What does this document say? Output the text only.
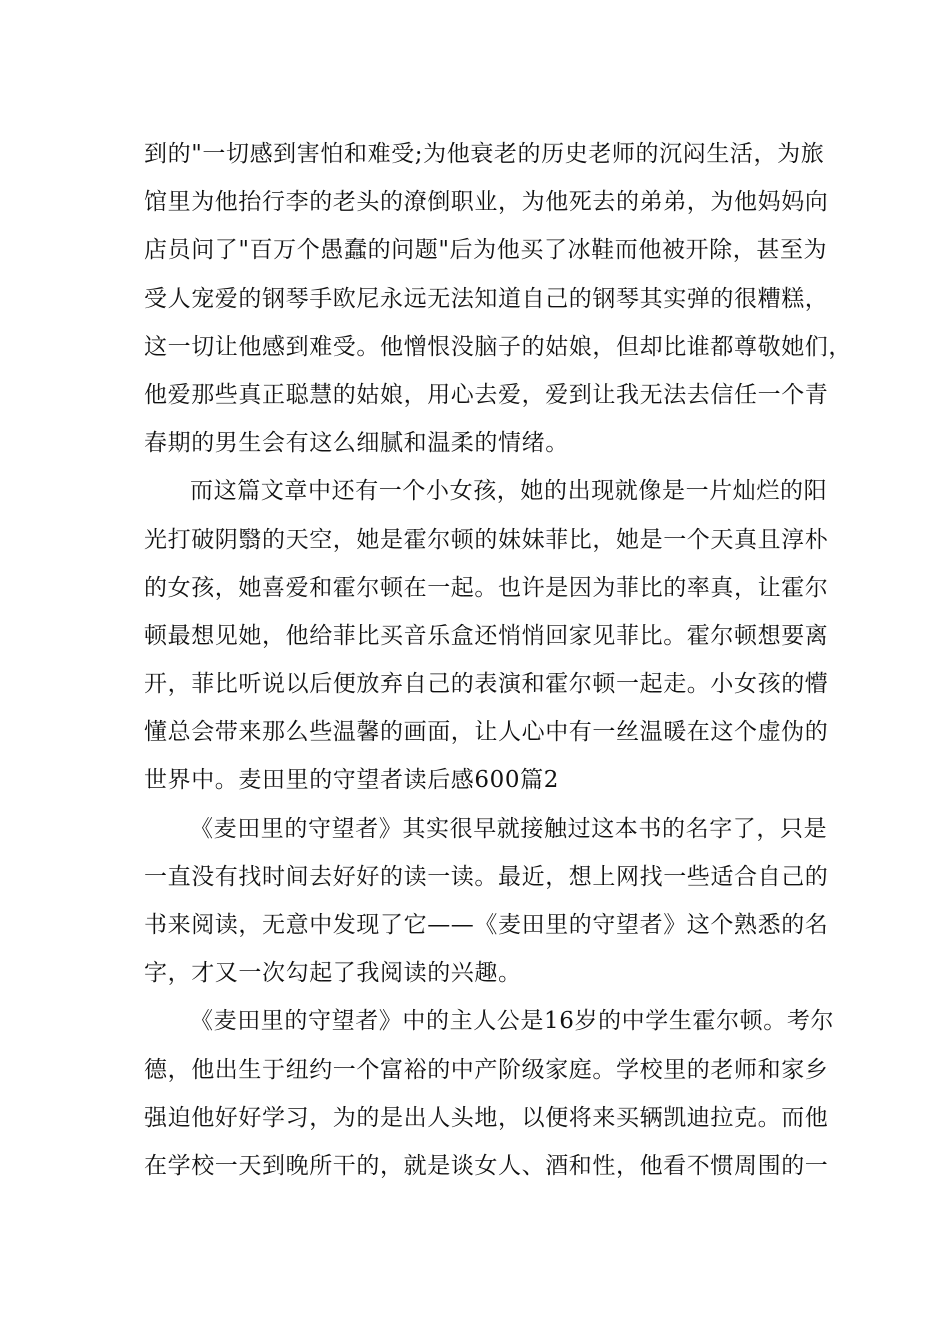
到的"一切感到害怕和难受;为他衰老的历史老师的沉闷生活，为旅
馆里为他抬行李的老头的潦倒职业，为他死去的弟弟，为他妈妈向
店员问了"百万个愚蠢的问题"后为他买了冰鞋而他被开除，甚至为
受人宠爱的钢琴手欧尼永远无法知道自己的钢琴其实弹的很糟糕，
这一切让他感到难受。他憎恨没脑子的姑娘，但却比谁都尊敬她们，
他爱那些真正聪慧的姑娘，用心去爱，爱到让我无法去信任一个青
春期的男生会有这么细腻和温柔的情绪。
而这篇文章中还有一个小女孩，她的出现就像是一片灿烂的阳
光打破阴翳的天空，她是霍尔顿的妹妹菲比，她是一个天真且淳朴
的女孩，她喜爱和霍尔顿在一起。也许是因为菲比的率真，让霍尔
顿最想见她，他给菲比买音乐盒还悄悄回家见菲比。霍尔顿想要离
开，菲比听说以后便放弃自己的表演和霍尔顿一起走。小女孩的懵
懂总会带来那么些温馨的画面，让人心中有一丝温暖在这个虚伪的
世界中。麦田里的守望者读后感600篇2
《麦田里的守望者》其实很早就接触过这本书的名字了，只是
一直没有找时间去好好的读一读。最近，想上网找一些适合自己的
书来阅读，无意中发现了它——《麦田里的守望者》这个熟悉的名
字，才又一次勾起了我阅读的兴趣。
《麦田里的守望者》中的主人公是16岁的中学生霍尔顿。考尔
德，他出生于纽约一个富裕的中产阶级家庭。学校里的老师和家乡
强迫他好好学习，为的是出人头地，以便将来买辆凯迪拉克。而他
在学校一天到晚所干的，就是谈女人、酒和性，他看不惯周围的一
